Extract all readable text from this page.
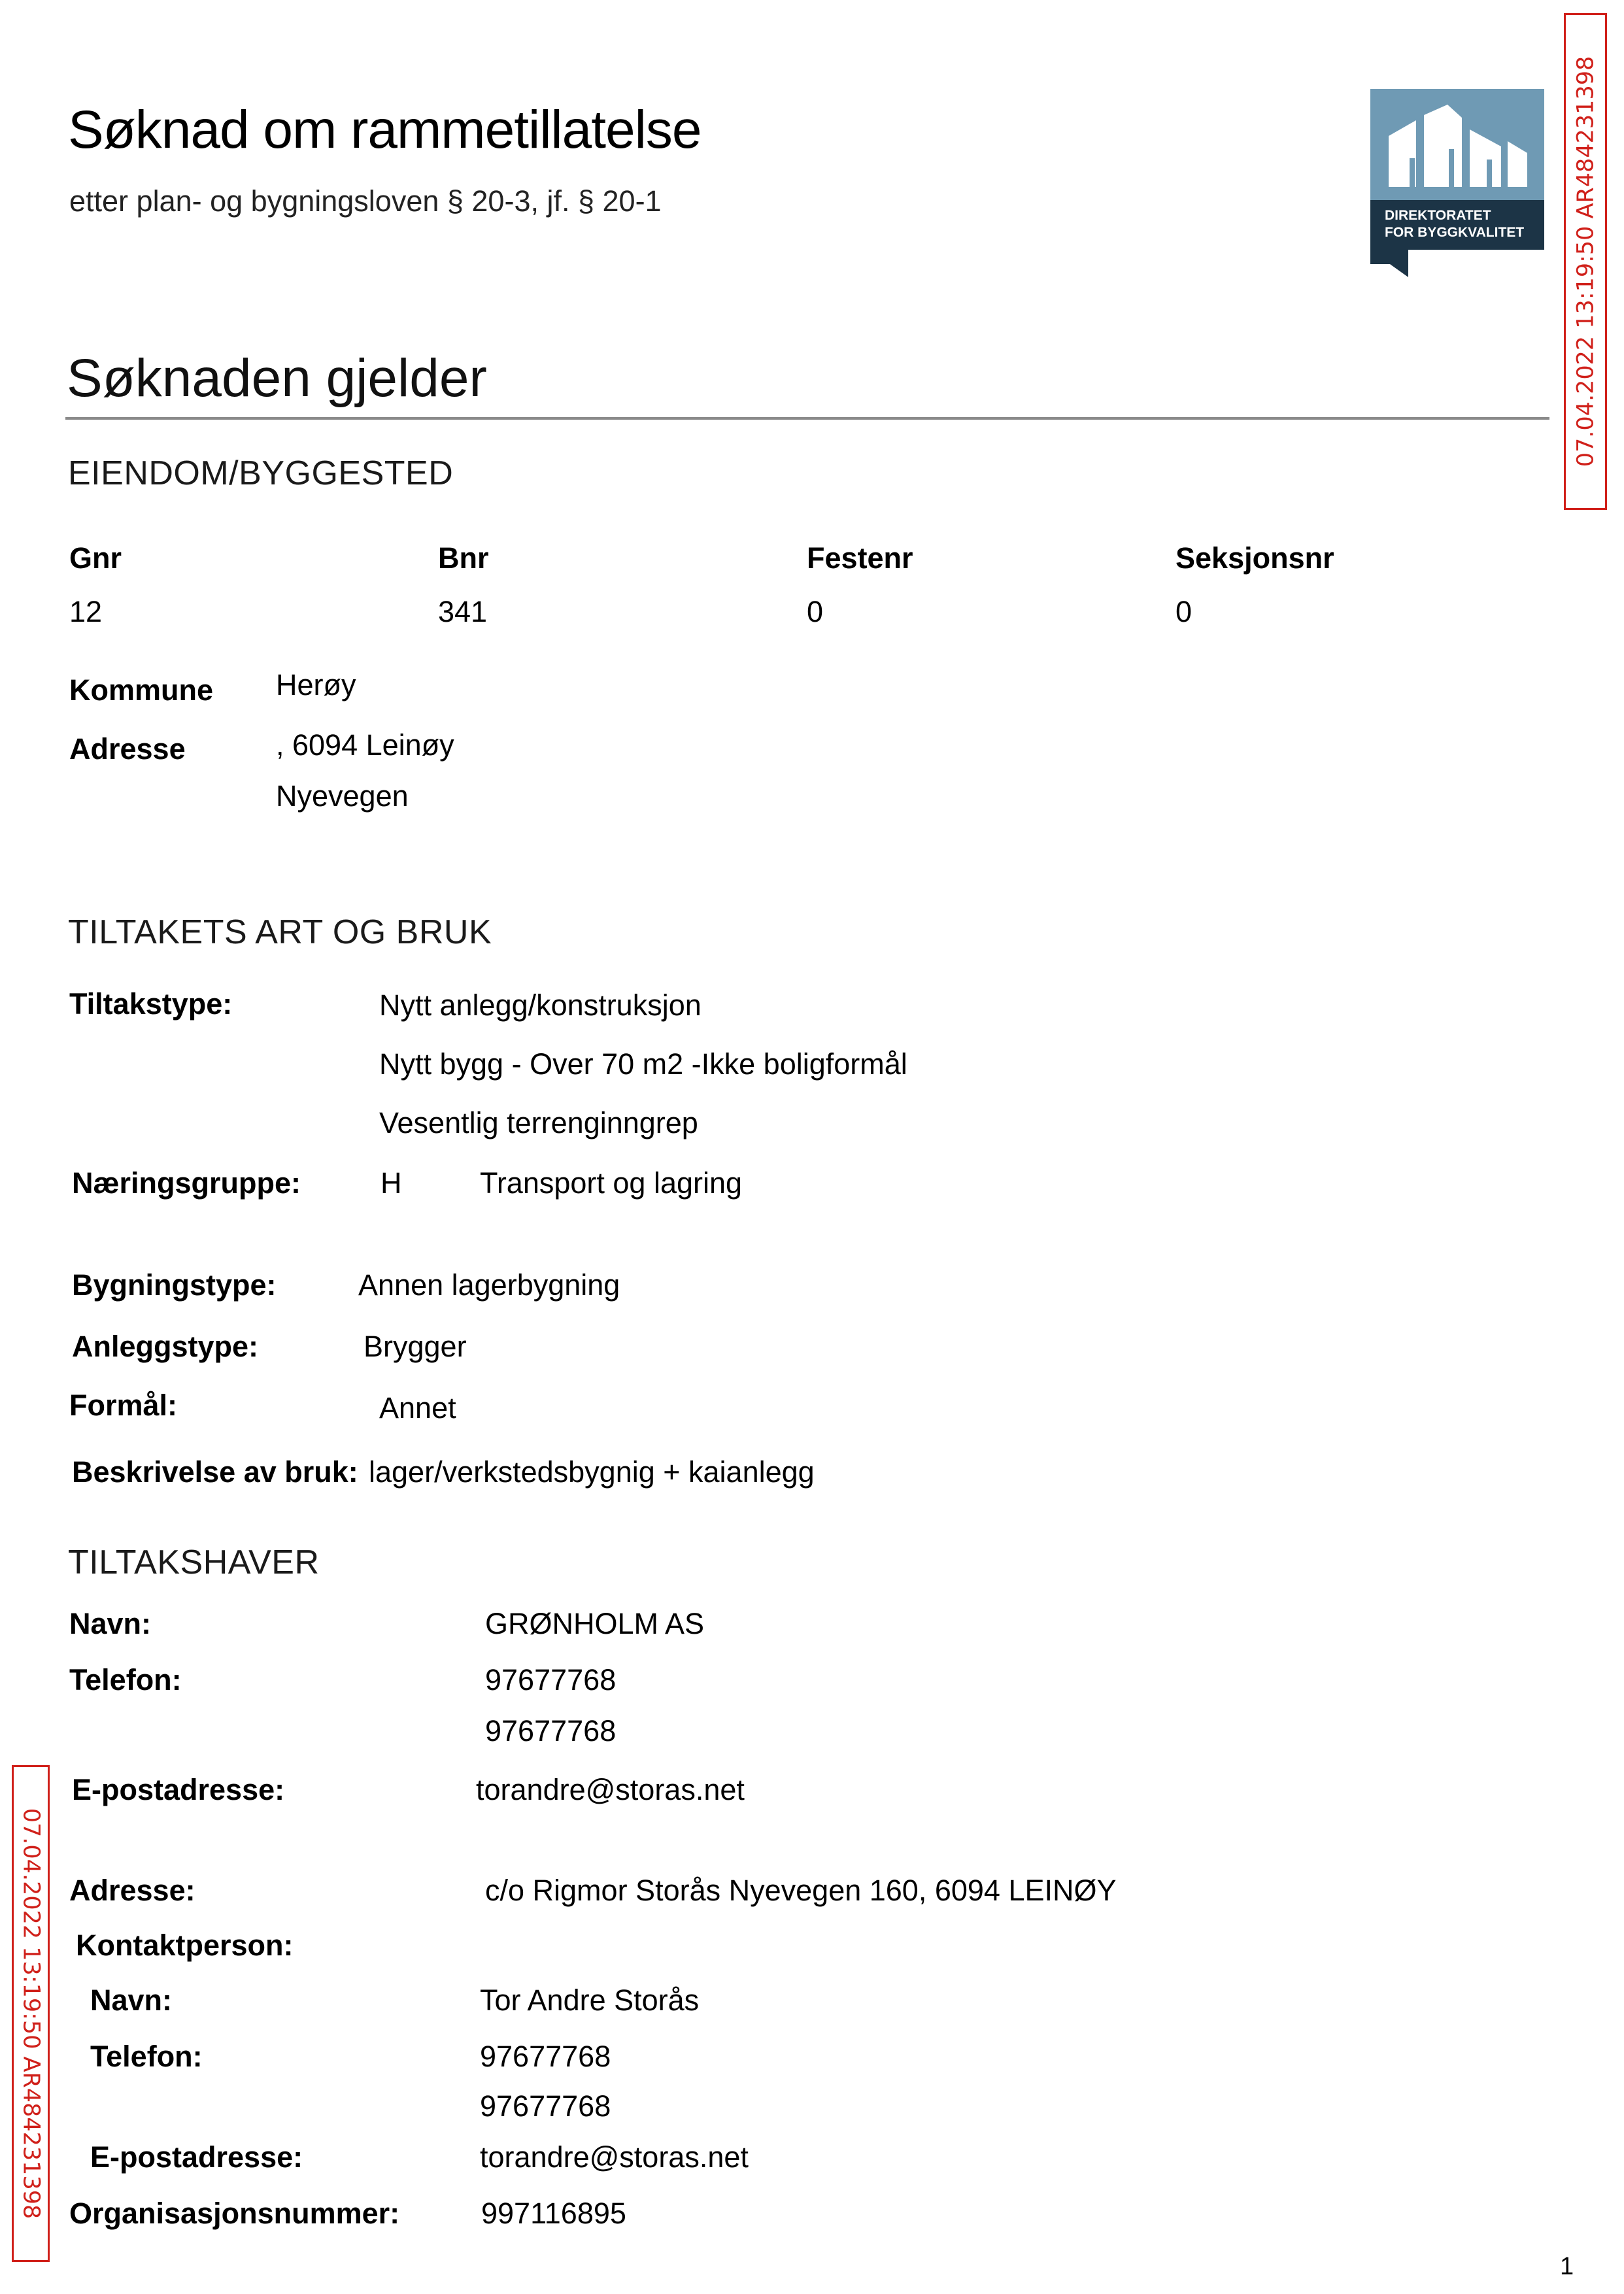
Søknad om rammetillatelse
etter plan- og bygningsloven § 20-3, jf. § 20-1	DIREKTORATET
FOR BYGGKVALITET 07.04.2022 13:19:50 AR484231398
07.04.2022 13:19:50 AR484231398
Søknaden gjelder
EIENDOM/BYGGESTED
Gnr	Bnr	Festenr	Seksjonsnr
12	341	0	0
Kommune Herøy
Adresse	, 6094 Leinøy
Nyevegen
TILTAKETS ART OG BRUK
Tiltakstype:	Nytt anlegg/konstruksjon
Nytt bygg - Over 70 m2 -Ikke boligformål
Vesentlig terrenginngrep
Næringsgruppe:	H	Transport og lagring
Bygningstype:	Annen lagerbygning
Anleggstype:	Brygger
Formål:	Annet
Beskrivelse av bruk: lager/verkstedsbygnig + kaianlegg
TILTAKSHAVER
Navn:	GRØNHOLM AS
Telefon:	97677768
97677768
E-postadresse:	torandre@storas.net
Adresse:	c/o Rigmor Storås Nyevegen 160, 6094 LEINØY
Kontaktperson:
Navn:	Tor Andre Storås
Telefon:	97677768
97677768
E-postadresse:	torandre@storas.net
Organisasjonsnummer:	997116895
1
